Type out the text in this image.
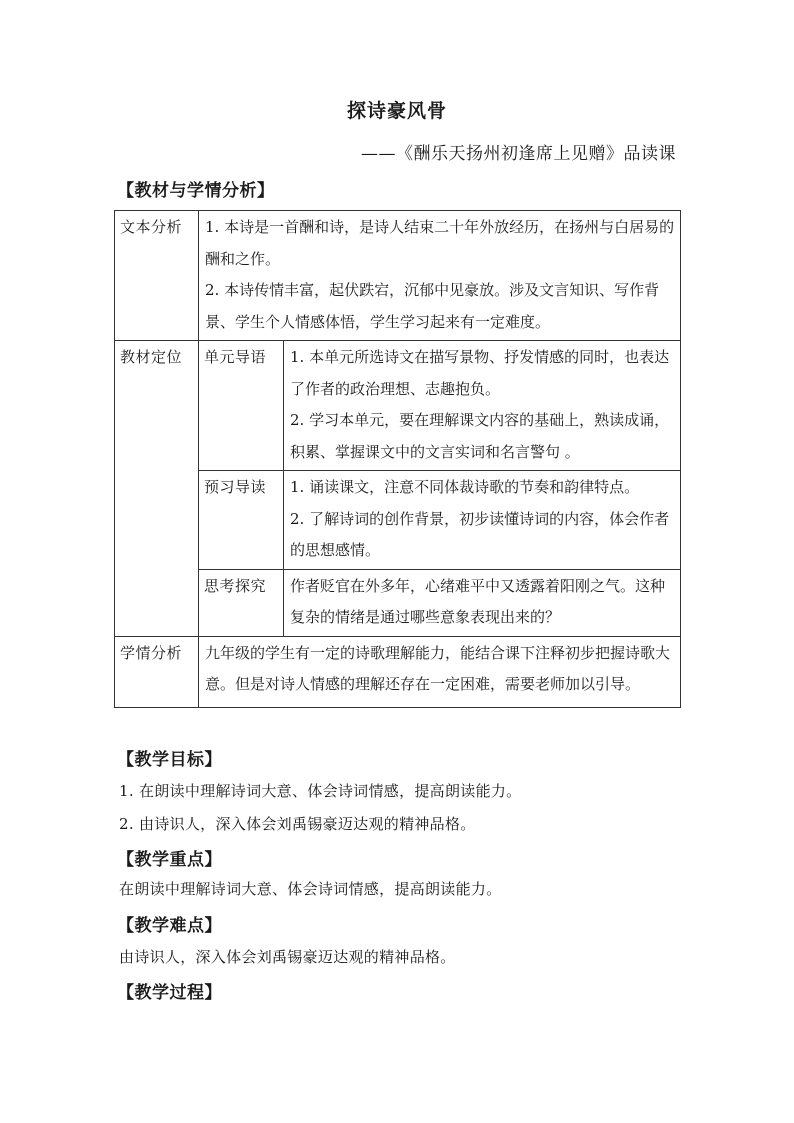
探诗豪风骨
——《酬乐天扬州初逢席上见赠》品读课
【教材与学情分析】
文本分析	1. 本诗是一首酬和诗，是诗人结束二十年外放经历，在扬州与白居易的酬和之作。

2. 本诗传情丰富，起伏跌宕，沉郁中见豪放。涉及文言知识、写作背景、学生个人情感体悟，学生学习起来有一定难度。	

教材定位	单元导语	1. 本单元所选诗文在描写景物、抒发情感的同时，也表达了作者的政治理想、志趣抱负。

2. 学习本单元，要在理解课文内容的基础上，熟读成诵，积累、掌握课文中的文言实词和名言警句 。

	预习导读	1. 诵读课文，注意不同体裁诗歌的节奏和韵律特点。

2. 了解诗词的创作背景，初步读懂诗词的内容，体会作者的思想感情。

	思考探究	作者贬官在外多年，心绪难平中又透露着阳刚之气。这种复杂的情绪是通过哪些意象表现出来的？

学情分析	九年级的学生有一定的诗歌理解能力，能结合课下注释初步把握诗歌大意。但是对诗人情感的理解还存在一定困难，需要老师加以引导。	

【教学目标】
1. 在朗读中理解诗词大意、体会诗词情感，提高朗读能力。
2. 由诗识人，深入体会刘禹锡豪迈达观的精神品格。
【教学重点】
在朗读中理解诗词大意、体会诗词情感，提高朗读能力。
【教学难点】
由诗识人，深入体会刘禹锡豪迈达观的精神品格。
【教学过程】
